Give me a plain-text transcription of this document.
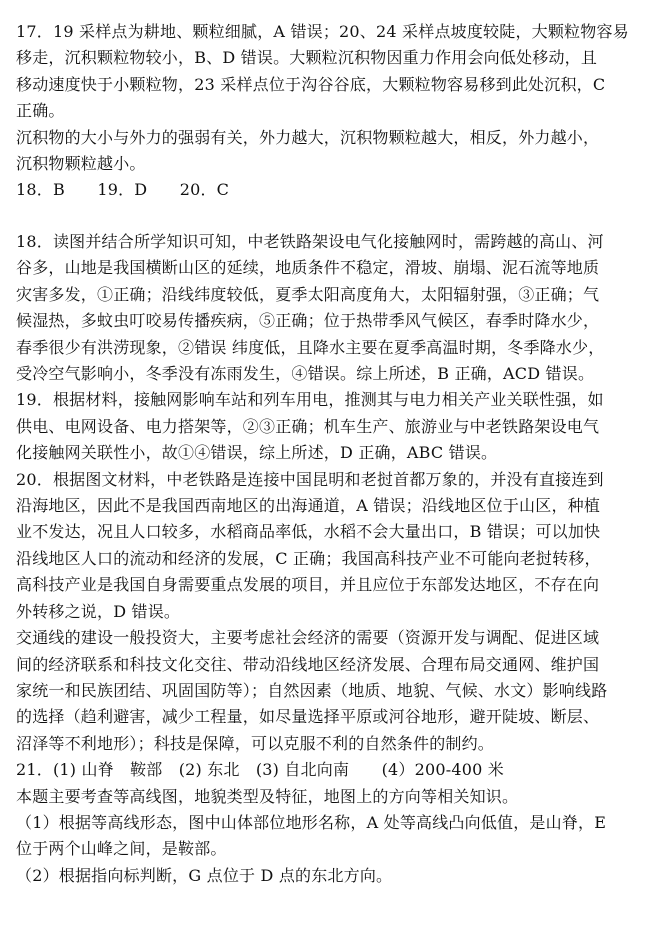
17．19 采样点为耕地、颗粒细腻，A 错误；20、24 采样点坡度较陡，大颗粒物容易
移走，沉积颗粒物较小，B、D 错误。大颗粒沉积物因重力作用会向低处移动，且
移动速度快于小颗粒物，23 采样点位于沟谷谷底，大颗粒物容易移到此处沉积，C
正确。
沉积物的大小与外力的强弱有关，外力越大，沉积物颗粒越大，相反，外力越小，
沉积物颗粒越小。
18．B　　19．D　　20．C
18．读图并结合所学知识可知，中老铁路架设电气化接触网时，需跨越的高山、河
谷多，山地是我国横断山区的延续，地质条件不稳定，滑坡、崩塌、泥石流等地质
灾害多发，①正确；沿线纬度较低，夏季太阳高度角大，太阳辐射强，③正确；气
候湿热，多蚊虫叮咬易传播疾病，⑤正确；位于热带季风气候区，春季时降水少，
春季很少有洪涝现象，②错误 纬度低，且降水主要在夏季高温时期，冬季降水少，
受冷空气影响小，冬季没有冻雨发生，④错误。综上所述，B 正确，ACD 错误。
19．根据材料，接触网影响车站和列车用电，推测其与电力相关产业关联性强，如
供电、电网设备、电力搭架等，②③正确；机车生产、旅游业与中老铁路架设电气
化接触网关联性小，故①④错误，综上所述，D 正确，ABC 错误。
20．根据图文材料，中老铁路是连接中国昆明和老挝首都万象的，并没有直接连到
沿海地区，因此不是我国西南地区的出海通道，A 错误；沿线地区位于山区，种植
业不发达，况且人口较多，水稻商品率低，水稻不会大量出口，B 错误；可以加快
沿线地区人口的流动和经济的发展，C 正确；我国高科技产业不可能向老挝转移，
高科技产业是我国自身需要重点发展的项目，并且应位于东部发达地区，不存在向
外转移之说，D 错误。
交通线的建设一般投资大，主要考虑社会经济的需要（资源开发与调配、促进区域
间的经济联系和科技文化交往、带动沿线地区经济发展、合理布局交通网、维护国
家统一和民族团结、巩固国防等）；自然因素（地质、地貌、气候、水文）影响线路
的选择（趋利避害，减少工程量，如尽量选择平原或河谷地形，避开陡坡、断层、
沼泽等不利地形）；科技是保障，可以克服不利的自然条件的制约。
21．(1) 山脊　鞍部　(2) 东北　(3) 自北向南　　(4）200-400 米
本题主要考查等高线图，地貌类型及特征，地图上的方向等相关知识。
（1）根据等高线形态，图中山体部位地形名称，A 处等高线凸向低值，是山脊，E
位于两个山峰之间，是鞍部。
（2）根据指向标判断，G 点位于 D 点的东北方向。
